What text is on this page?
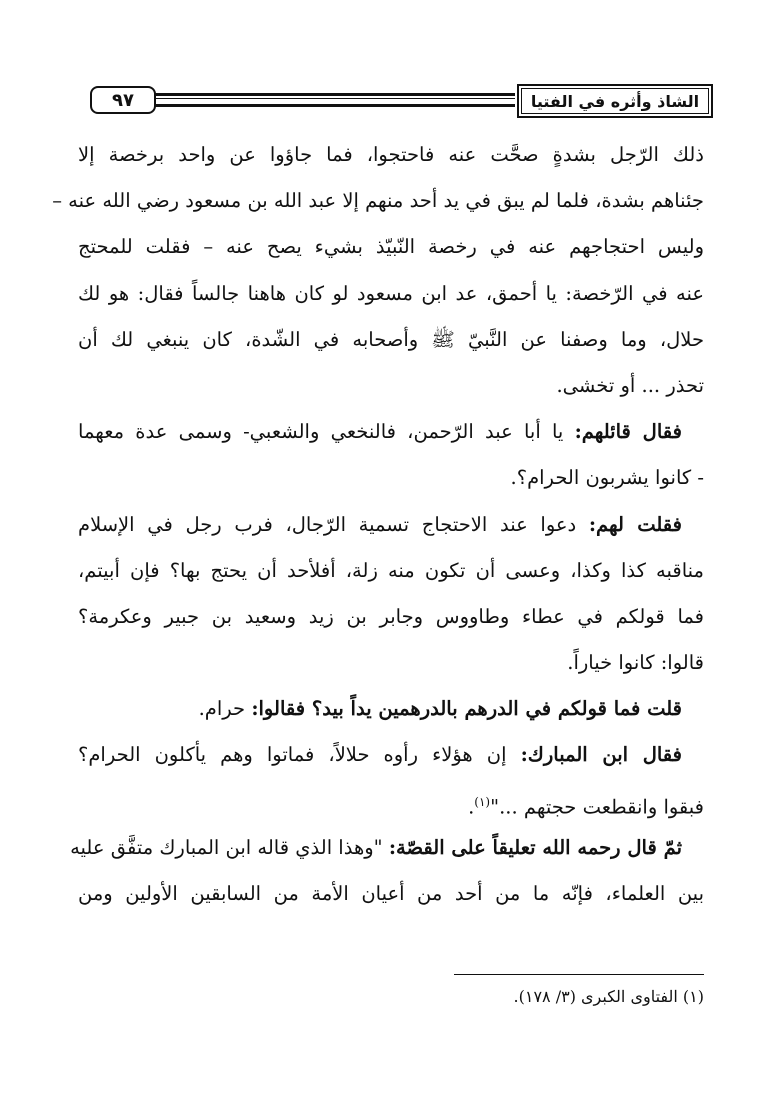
٩٧	الشاذ وأثره في الفتيا
ذلك الرّجل بشدةٍ صحَّت عنه فاحتجوا، فما جاؤوا عن واحد برخصة إلا
جئناهم بشدة، فلما لم يبق في يد أحد منهم إلا عبد الله بن مسعود رضي الله عنه –
وليس احتجاجهم عنه في رخصة النّبيّذ بشيء يصح عنه – فقلت للمحتج
عنه في الرّخصة: يا أحمق، عد ابن مسعود لو كان هاهنا جالساً فقال: هو لك
حلال، وما وصفنا عن النَّبيّ ﷺ وأصحابه في الشّدة، كان ينبغي لك أن
تحذر ... أو تخشى.
فقال قائلهم: يا أبا عبد الرّحمن، فالنخعي والشعبي- وسمى عدة معهما
- كانوا يشربون الحرام؟.
فقلت لهم: دعوا عند الاحتجاج تسمية الرّجال، فرب رجل في الإسلام
مناقبه كذا وكذا، وعسى أن تكون منه زلة، أفلأحد أن يحتج بها؟ فإن أبيتم،
فما قولكم في عطاء وطاووس وجابر بن زيد وسعيد بن جبير وعكرمة؟
قالوا: كانوا خياراً.
قلت فما قولكم في الدرهم بالدرهمين يداً بيد؟ فقالوا: حرام.
فقال ابن المبارك: إن هؤلاء رأوه حلالاً، فماتوا وهم يأكلون الحرام؟
فبقوا وانقطعت حجتهم ..."$^{(١)}$.
ثمّ قال رحمه الله تعليقاً على القصّة: "وهذا الذي قاله ابن المبارك متفَّق عليه
بين العلماء، فإنّه ما من أحد من أعيان الأمة من السابقين الأولين ومن
(١) الفتاوى الكبرى (٣/ ١٧٨).
